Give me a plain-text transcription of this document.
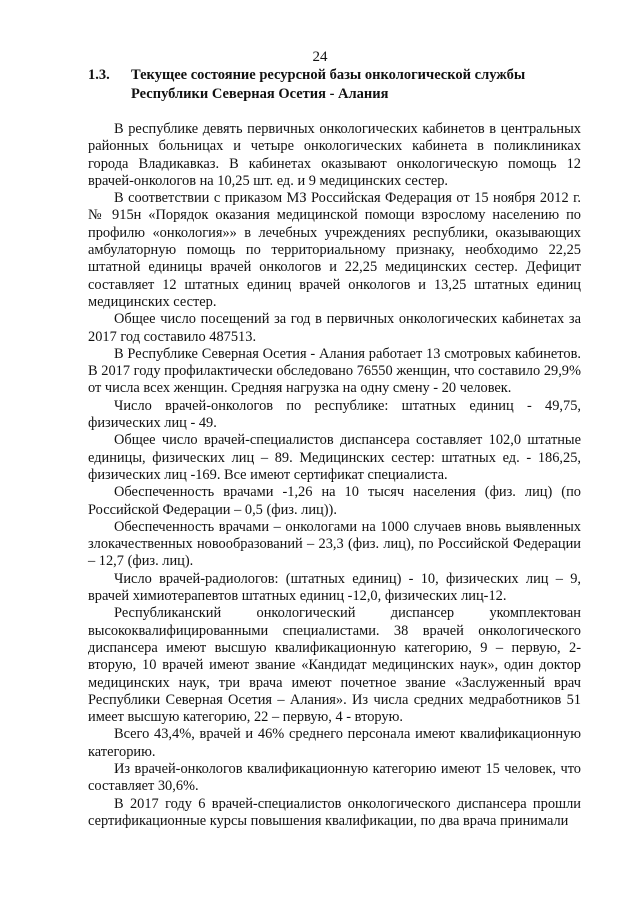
24
1.3. Текущее состояние ресурсной базы онкологической службы Республики Северная Осетия - Алания

В республике девять первичных онкологических кабинетов в центральных районных больницах и четыре онкологических кабинета в поликлиниках города Владикавказ. В кабинетах оказывают онкологическую помощь 12 врачей-онкологов на 10,25 шт. ед. и 9 медицинских сестер.

В соответствии с приказом МЗ Российская Федерация от 15 ноября 2012 г. № 915н «Порядок оказания медицинской помощи взрослому населению по профилю «онкология»» в лечебных учреждениях республики, оказывающих амбулаторную помощь по территориальному признаку, необходимо 22,25 штатной единицы врачей онкологов и 22,25 медицинских сестер. Дефицит составляет 12 штатных единиц врачей онкологов и 13,25 штатных единиц медицинских сестер.

Общее число посещений за год в первичных онкологических кабинетах за 2017 год составило 487513.

В Республике Северная Осетия - Алания работает 13 смотровых кабинетов. В 2017 году профилактически обследовано 76550 женщин, что составило 29,9% от числа всех женщин. Средняя нагрузка на одну смену - 20 человек.

Число врачей-онкологов по республике: штатных единиц - 49,75, физических лиц - 49.

Общее число врачей-специалистов диспансера составляет 102,0 штатные единицы, физических лиц – 89. Медицинских сестер: штатных ед. - 186,25, физических лиц -169. Все имеют сертификат специалиста.

Обеспеченность врачами -1,26 на 10 тысяч населения (физ. лиц) (по Российской Федерации – 0,5 (физ. лиц)).

Обеспеченность врачами – онкологами на 1000 случаев вновь выявленных злокачественных новообразований – 23,3 (физ. лиц), по Российской Федерации – 12,7 (физ. лиц).

Число врачей-радиологов: (штатных единиц) - 10, физических лиц – 9, врачей химиотерапевтов штатных единиц -12,0, физических лиц-12.

Республиканский онкологический диспансер укомплектован высококвалифицированными специалистами. 38 врачей онкологического диспансера имеют высшую квалификационную категорию, 9 – первую, 2- вторую, 10 врачей имеют звание «Кандидат медицинских наук», один доктор медицинских наук, три врача имеют почетное звание «Заслуженный врач Республики Северная Осетия – Алания». Из числа средних медработников 51 имеет высшую категорию, 22 – первую, 4 - вторую.

Всего 43,4%, врачей и 46% среднего персонала имеют квалификационную категорию.

Из врачей-онкологов квалификационную категорию имеют 15 человек, что составляет 30,6%.

В 2017 году 6 врачей-специалистов онкологического диспансера прошли сертификационные курсы повышения квалификации, по два врача принимали
